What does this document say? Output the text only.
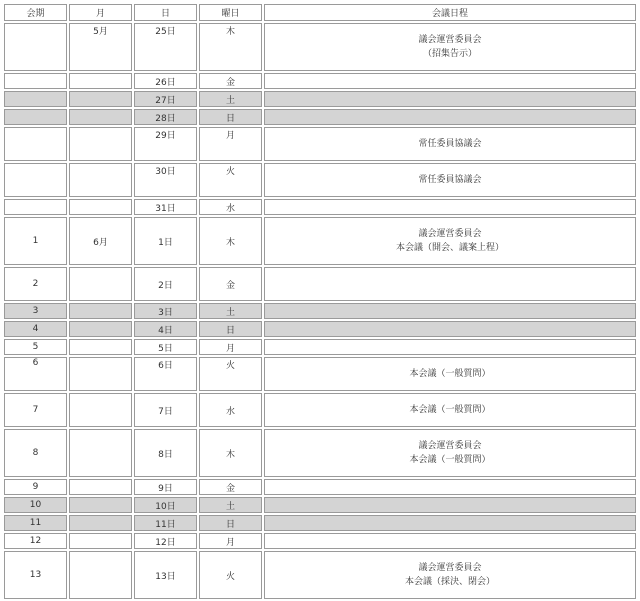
会期	月	日	曜日	会議日程
	5月	25日	木	議会運営委員会
（招集告示）

		26日	金	
		27日	土	
		28日	日	
		29日	月	常任委員協議会

		30日	火	常任委員協議会

		31日	水	
1	6月	1日	木	議会運営委員会
本会議（開会、議案上程）

2		2日	金	
3		3日	土	
4		4日	日	
5		5日	月	
6		6日	火	本会議（一般質問）

7		7日	水	本会議（一般質問）

8		8日	木	議会運営委員会
本会議（一般質問）

9		9日	金	
10		10日	土	
11		11日	日	
12		12日	月	
13		13日	火	議会運営委員会
本会議（採決、閉会）
